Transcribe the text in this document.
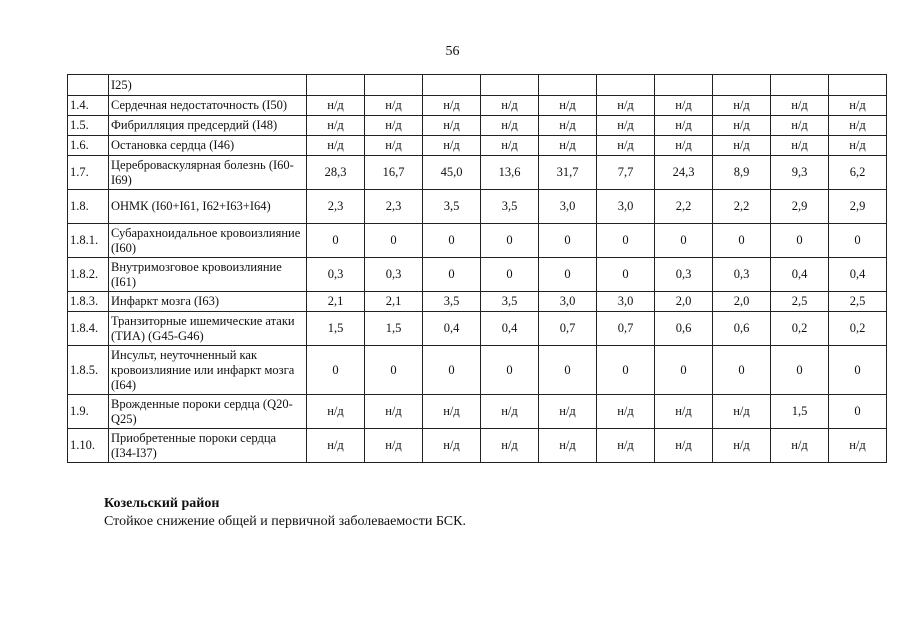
56
	I25)										
1.4.	Сердечная недостаточность (I50)	н/д	н/д	н/д	н/д	н/д	н/д	н/д	н/д	н/д	н/д
1.5.	Фибрилляция предсердий (I48)	н/д	н/д	н/д	н/д	н/д	н/д	н/д	н/д	н/д	н/д
1.6.	Остановка сердца (I46)	н/д	н/д	н/д	н/д	н/д	н/д	н/д	н/д	н/д	н/д
1.7.	Цереброваскулярная болезнь (I60-I69)	28,3	16,7	45,0	13,6	31,7	7,7	24,3	8,9	9,3	6,2
1.8.	ОНМК (I60+I61, I62+I63+I64)	2,3	2,3	3,5	3,5	3,0	3,0	2,2	2,2	2,9	2,9
1.8.1.	Субарахноидальное кровоизлияние (I60)	0	0	0	0	0	0	0	0	0	0
1.8.2.	Внутримозговое кровоизлияние (I61)	0,3	0,3	0	0	0	0	0,3	0,3	0,4	0,4
1.8.3.	Инфаркт мозга (I63)	2,1	2,1	3,5	3,5	3,0	3,0	2,0	2,0	2,5	2,5
1.8.4.	Транзиторные ишемические атаки (ТИА) (G45-G46)	1,5	1,5	0,4	0,4	0,7	0,7	0,6	0,6	0,2	0,2
1.8.5.	Инсульт, неуточненный как кровоизлияние или инфаркт мозга (I64)	0	0	0	0	0	0	0	0	0	0
1.9.	Врожденные пороки сердца (Q20-Q25)	н/д	н/д	н/д	н/д	н/д	н/д	н/д	н/д	1,5	0
1.10.	Приобретенные пороки сердца (I34-I37)	н/д	н/д	н/д	н/д	н/д	н/д	н/д	н/д	н/д	н/д
Козельский район
Стойкое снижение общей и первичной заболеваемости БСК.
